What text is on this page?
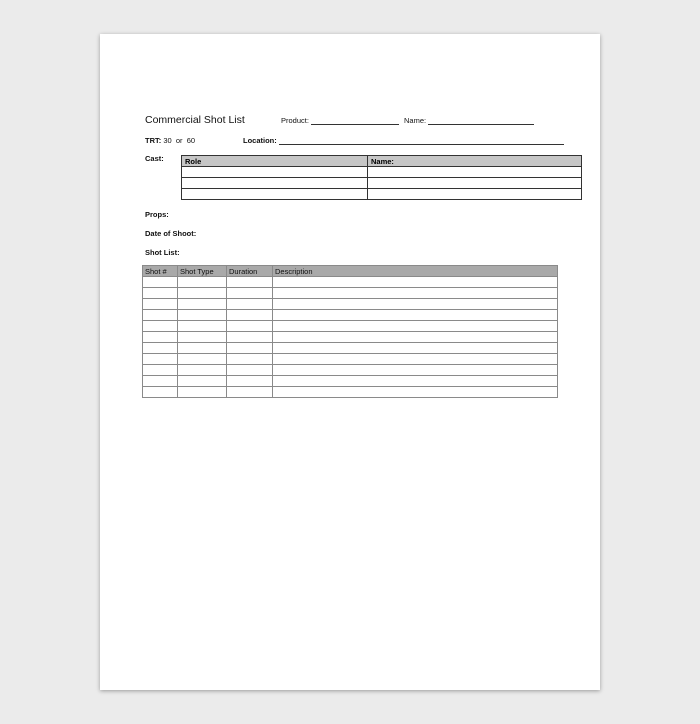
Commercial Shot List	Product:	Name:
TRT: 30  or  60	Location:
Cast:	Role	Name:

Props:
Date of Shoot:
Shot List:
Shot #	Shot Type	Duration	Description
